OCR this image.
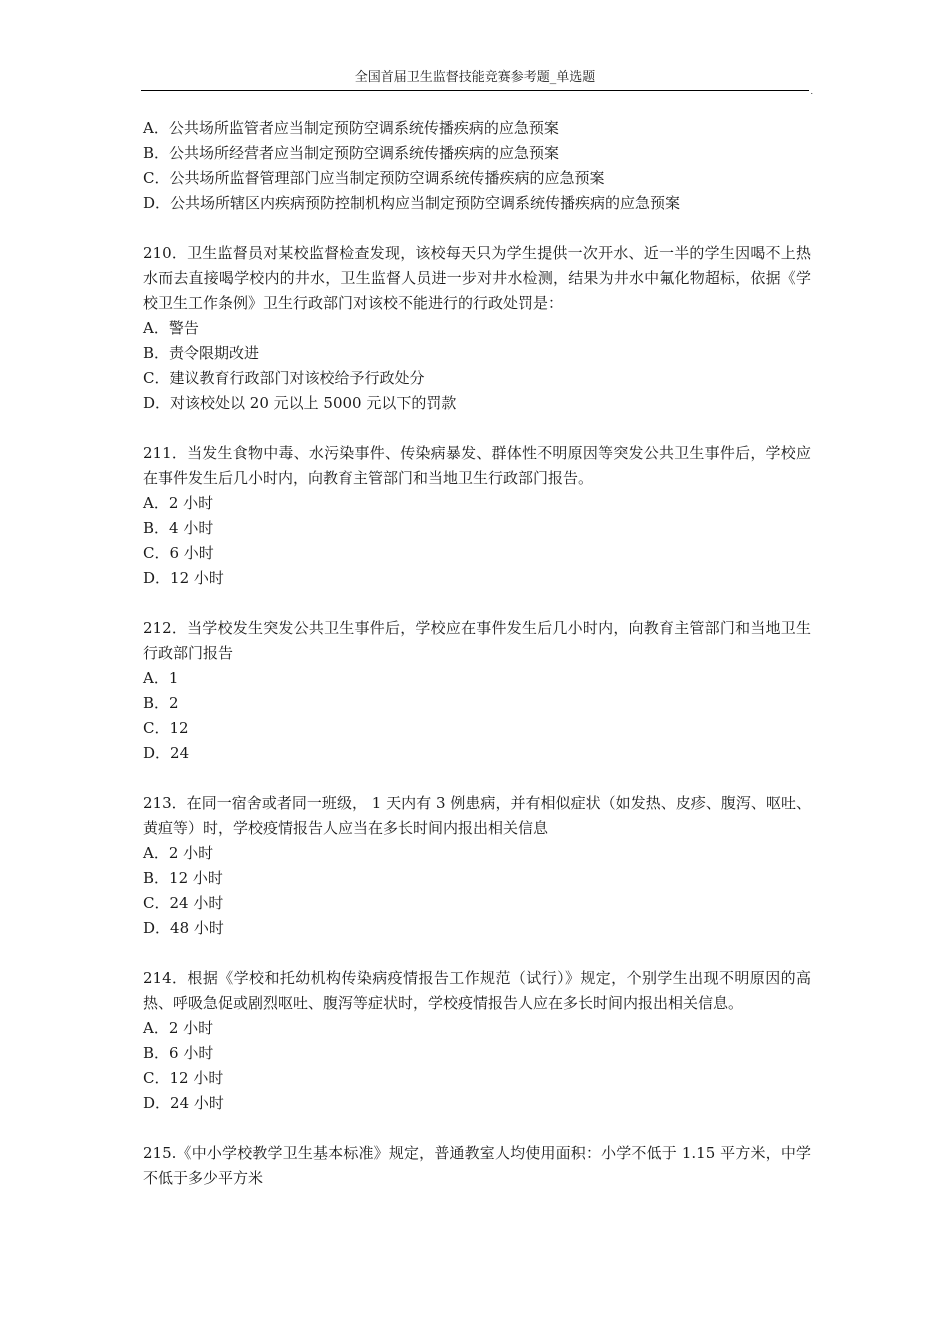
全国首届卫生监督技能竞赛参考题_单选题
.

A．公共场所监管者应当制定预防空调系统传播疾病的应急预案

B．公共场所经营者应当制定预防空调系统传播疾病的应急预案

C．公共场所监督管理部门应当制定预防空调系统传播疾病的应急预案

D．公共场所辖区内疾病预防控制机构应当制定预防空调系统传播疾病的应急预案

210．卫生监督员对某校监督检查发现，该校每天只为学生提供一次开水、近一半的学生因喝不上热水而去直接喝学校内的井水，卫生监督人员进一步对井水检测，结果为井水中氟化物超标，依据《学校卫生工作条例》卫生行政部门对该校不能进行的行政处罚是：

A．警告

B．责令限期改进

C．建议教育行政部门对该校给予行政处分

D．对该校处以 20 元以上 5000 元以下的罚款

211．当发生食物中毒、水污染事件、传染病暴发、群体性不明原因等突发公共卫生事件后，学校应在事件发生后几小时内，向教育主管部门和当地卫生行政部门报告。

A．2 小时

B．4 小时

C．6 小时

D．12 小时

212．当学校发生突发公共卫生事件后，学校应在事件发生后几小时内，向教育主管部门和当地卫生行政部门报告

A．1

B．2

C．12

D．24

213．在同一宿舍或者同一班级， 1 天内有 3 例患病，并有相似症状（如发热、皮疹、腹泻、呕吐、黄疸等）时，学校疫情报告人应当在多长时间内报出相关信息

A．2 小时

B．12 小时

C．24 小时

D．48 小时

214．根据《学校和托幼机构传染病疫情报告工作规范（试行）》规定，个别学生出现不明原因的高热、呼吸急促或剧烈呕吐、腹泻等症状时，学校疫情报告人应在多长时间内报出相关信息。

A．2 小时

B．6 小时

C．12 小时

D．24 小时

215.《中小学校教学卫生基本标准》规定，普通教室人均使用面积：小学不低于 1.15 平方米，中学不低于多少平方米
